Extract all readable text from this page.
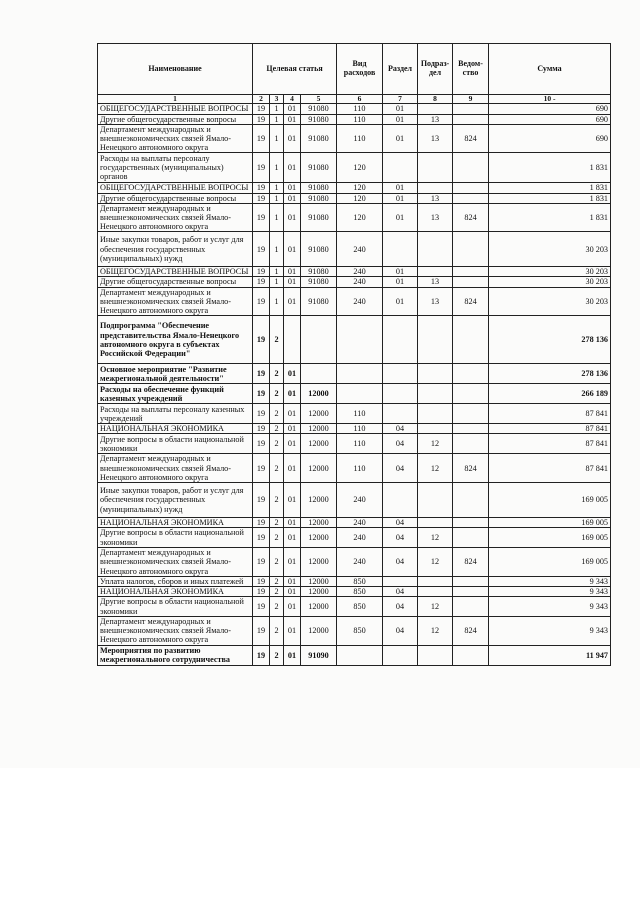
Наименование	Целевая статья				Вид расходов	Раздел	Подраз-дел	Ведом-ство	Сумма
1	2	3	4	5	6	7	8	9	10 -
ОБЩЕГОСУДАРСТВЕННЫЕ ВОПРОСЫ	19	1	01	91080	110	01			690
Другие общегосударственные вопросы	19	1	01	91080	110	01	13		690
Департамент международных и внешнеэкономических связей Ямало-Ненецкого автономного округа	19	1	01	91080	110	01	13	824	690
Расходы на выплаты персоналу государственных (муниципальных) органов	19	1	01	91080	120				1 831
ОБЩЕГОСУДАРСТВЕННЫЕ ВОПРОСЫ	19	1	01	91080	120	01			1 831
Другие общегосударственные вопросы	19	1	01	91080	120	01	13		1 831
Департамент международных и внешнеэкономических связей Ямало-Ненецкого автономного округа	19	1	01	91080	120	01	13	824	1 831
Иные закупки товаров, работ и услуг для обеспечения государственных (муниципальных) нужд	19	1	01	91080	240				30 203
ОБЩЕГОСУДАРСТВЕННЫЕ ВОПРОСЫ	19	1	01	91080	240	01			30 203
Другие общегосударственные вопросы	19	1	01	91080	240	01	13		30 203
Департамент международных и внешнеэкономических связей Ямало-Ненецкого автономного округа	19	1	01	91080	240	01	13	824	30 203
Подпрограмма "Обеспечение представительства Ямало-Ненецкого автономного округа в субъектах Российской Федерации"	19	2							278 136
Основное мероприятие "Развитие межрегиональной деятельности"	19	2	01						278 136
Расходы на обеспечение функций казенных учреждений	19	2	01	12000					266 189
Расходы на выплаты персоналу казенных учреждений	19	2	01	12000	110				87 841
НАЦИОНАЛЬНАЯ ЭКОНОМИКА	19	2	01	12000	110	04			87 841
Другие вопросы в области национальной экономики	19	2	01	12000	110	04	12		87 841
Департамент международных и внешнеэкономических связей Ямало-Ненецкого автономного округа	19	2	01	12000	110	04	12	824	87 841
Иные закупки товаров, работ и услуг для обеспечения государственных (муниципальных) нужд	19	2	01	12000	240				169 005
НАЦИОНАЛЬНАЯ ЭКОНОМИКА	19	2	01	12000	240	04			169 005
Другие вопросы в области национальной экономики	19	2	01	12000	240	04	12		169 005
Департамент международных и внешнеэкономических связей Ямало-Ненецкого автономного округа	19	2	01	12000	240	04	12	824	169 005
Уплата налогов, сборов и иных платежей	19	2	01	12000	850				9 343
НАЦИОНАЛЬНАЯ ЭКОНОМИКА	19	2	01	12000	850	04			9 343
Другие вопросы в области национальной экономики	19	2	01	12000	850	04	12		9 343
Департамент международных и внешнеэкономических связей Ямало-Ненецкого автономного округа	19	2	01	12000	850	04	12	824	9 343
Мероприятия по развитию межрегионального сотрудничества	19	2	01	91090					11 947
